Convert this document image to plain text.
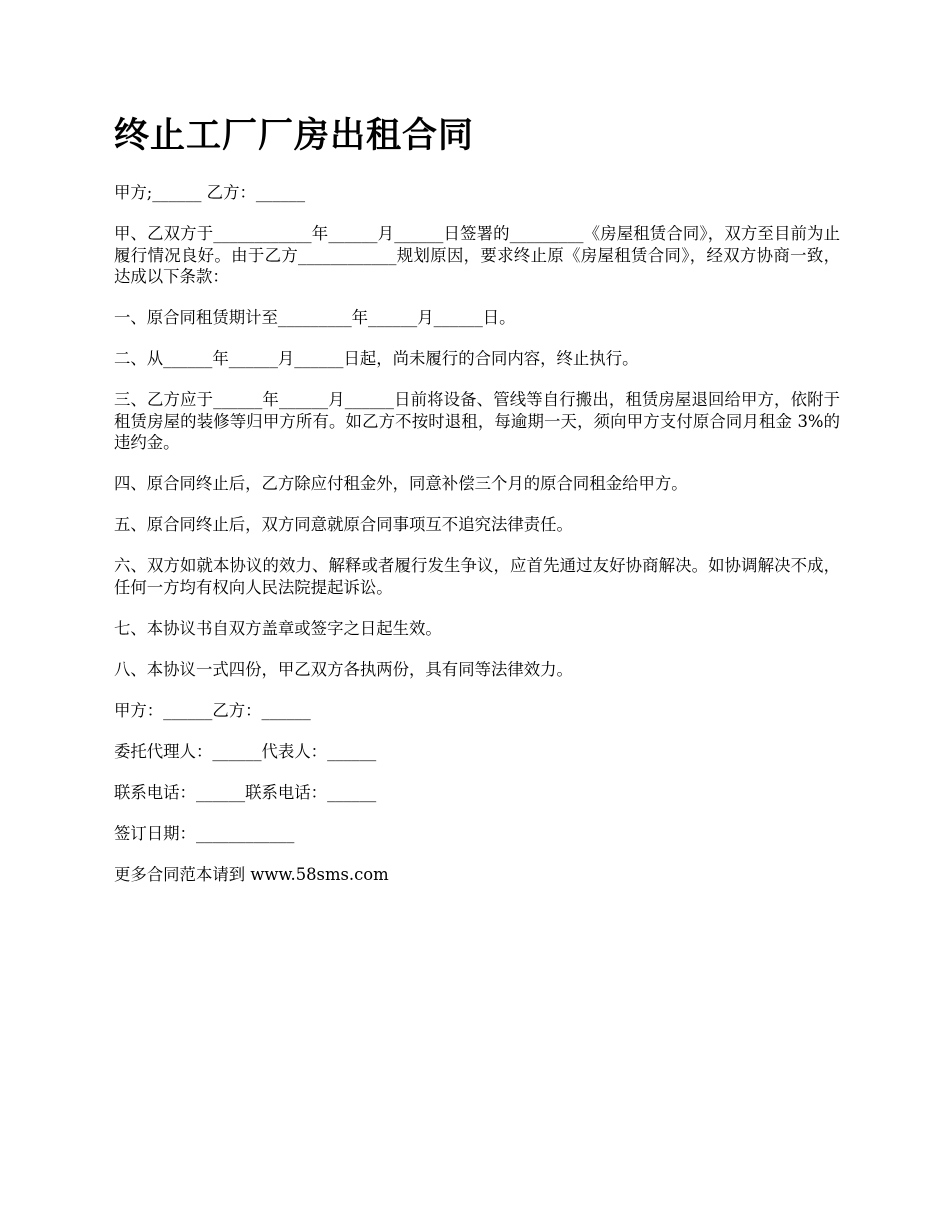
终止工厂厂房出租合同

甲方;______ 乙方：______

甲、乙双方于____________年______月______日签署的_________《房屋租赁合同》，双方至目前为止履行情况良好。由于乙方____________规划原因，要求终止原《房屋租赁合同》，经双方协商一致，达成以下条款：

一、原合同租赁期计至_________年______月______日。

二、从______年______月______日起，尚未履行的合同内容，终止执行。

三、乙方应于______年______月______日前将设备、管线等自行搬出，租赁房屋退回给甲方，依附于租赁房屋的装修等归甲方所有。如乙方不按时退租，每逾期一天，须向甲方支付原合同月租金 3%的违约金。

四、原合同终止后，乙方除应付租金外，同意补偿三个月的原合同租金给甲方。

五、原合同终止后，双方同意就原合同事项互不追究法律责任。

六、双方如就本协议的效力、解释或者履行发生争议，应首先通过友好协商解决。如协调解决不成，任何一方均有权向人民法院提起诉讼。

七、本协议书自双方盖章或签字之日起生效。

八、本协议一式四份，甲乙双方各执两份，具有同等法律效力。

甲方：______乙方：______

委托代理人：______代表人：______

联系电话：______联系电话：______

签订日期：____________

更多合同范本请到 www.58sms.com
